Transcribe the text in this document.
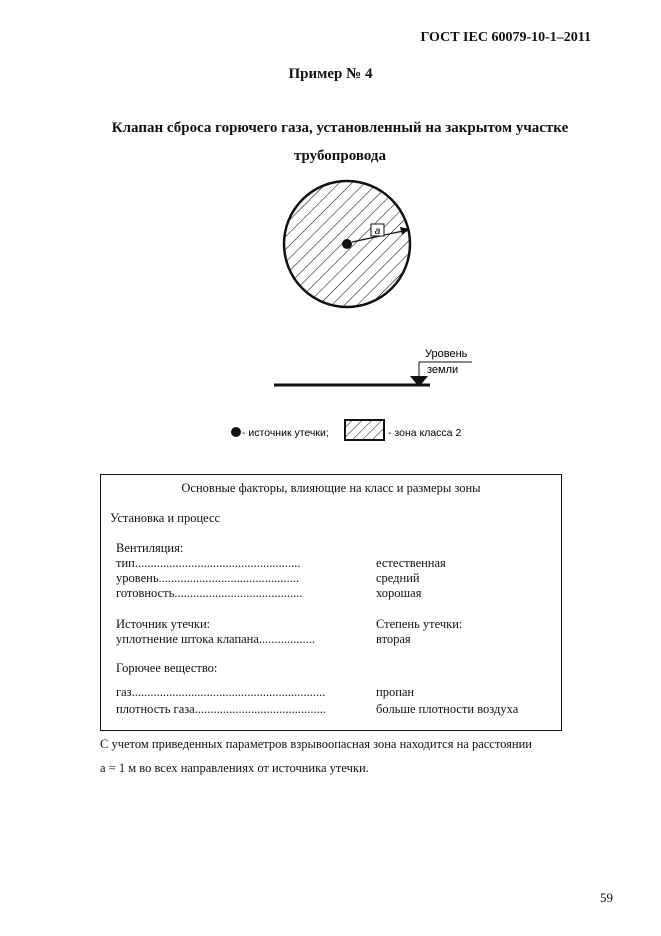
ГОСТ IEC 60079-10-1–2011
Пример № 4
Клапан сброса горючего газа, установленный на закрытом участке
трубопровода
a
Уровень
земли
- источник утечки;	- зона класса 2
Основные факторы, влияющие на класс и размеры зоны
Установка и процесс
Вентиляция:
тип.....................................................	естественная
уровень.............................................	средний
готовность.........................................	хорошая
Источник утечки:	Степень утечки:
уплотнение штока клапана..................	вторая
Горючее вещество:
газ..............................................................	пропан
плотность газа..........................................	больше плотности воздуха
С учетом приведенных параметров взрывоопасная зона находится на расстоянии
a = 1 м во всех направлениях от источника утечки.
59
